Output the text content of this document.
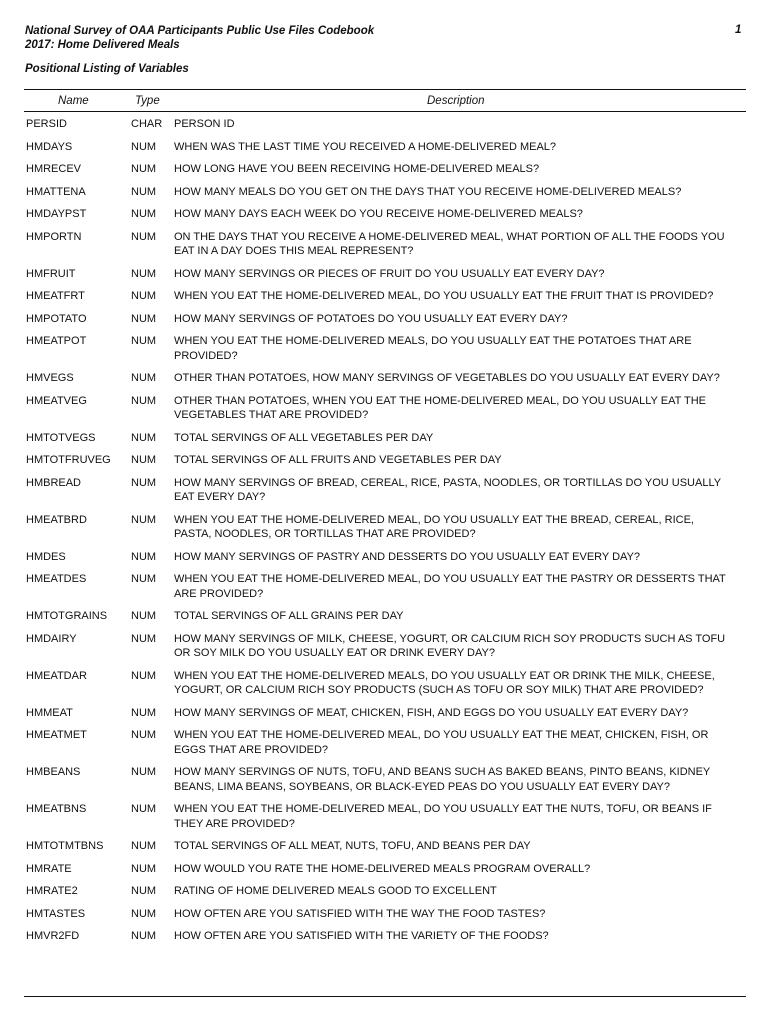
National Survey of OAA Participants Public Use Files Codebook
2017: Home Delivered Meals
1
Positional Listing of Variables
Name	Type	Description
PERSID	CHAR	PERSON ID
HMDAYS	NUM	WHEN WAS THE LAST TIME YOU RECEIVED A HOME-DELIVERED MEAL?
HMRECEV	NUM	HOW LONG HAVE YOU BEEN RECEIVING HOME-DELIVERED MEALS?
HMATTENA	NUM	HOW MANY MEALS DO YOU GET ON THE DAYS THAT YOU RECEIVE HOME-DELIVERED MEALS?
HMDAYPST	NUM	HOW MANY DAYS EACH WEEK DO YOU RECEIVE HOME-DELIVERED MEALS?
HMPORTN	NUM	ON THE DAYS THAT YOU RECEIVE A HOME-DELIVERED MEAL, WHAT PORTION OF ALL THE FOODS YOU EAT IN A DAY DOES THIS MEAL REPRESENT?
HMFRUIT	NUM	HOW MANY SERVINGS OR PIECES OF FRUIT DO YOU USUALLY EAT EVERY DAY?
HMEATFRT	NUM	WHEN YOU EAT THE HOME-DELIVERED MEAL, DO YOU USUALLY EAT THE FRUIT THAT IS PROVIDED?
HMPOTATO	NUM	HOW MANY SERVINGS OF POTATOES DO YOU USUALLY EAT EVERY DAY?
HMEATPOT	NUM	WHEN YOU EAT THE HOME-DELIVERED MEALS, DO YOU USUALLY EAT THE POTATOES THAT ARE PROVIDED?
HMVEGS	NUM	OTHER THAN POTATOES, HOW MANY SERVINGS OF VEGETABLES DO YOU USUALLY EAT EVERY DAY?
HMEATVEG	NUM	OTHER THAN POTATOES, WHEN YOU EAT THE HOME-DELIVERED MEAL, DO YOU USUALLY EAT THE VEGETABLES THAT ARE PROVIDED?
HMTOTVEGS	NUM	TOTAL SERVINGS OF ALL VEGETABLES PER DAY
HMTOTFRUVEG	NUM	TOTAL SERVINGS OF ALL FRUITS AND VEGETABLES PER DAY
HMBREAD	NUM	HOW MANY SERVINGS OF BREAD, CEREAL, RICE, PASTA, NOODLES, OR TORTILLAS DO YOU USUALLY EAT EVERY DAY?
HMEATBRD	NUM	WHEN YOU EAT THE HOME-DELIVERED MEAL, DO YOU USUALLY EAT THE BREAD, CEREAL, RICE, PASTA, NOODLES, OR TORTILLAS THAT ARE PROVIDED?
HMDES	NUM	HOW MANY SERVINGS OF PASTRY AND DESSERTS DO YOU USUALLY EAT EVERY DAY?
HMEATDES	NUM	WHEN YOU EAT THE HOME-DELIVERED MEAL, DO YOU USUALLY EAT THE PASTRY OR DESSERTS THAT ARE PROVIDED?
HMTOTGRAINS	NUM	TOTAL SERVINGS OF ALL GRAINS PER DAY
HMDAIRY	NUM	HOW MANY SERVINGS OF MILK, CHEESE, YOGURT, OR CALCIUM RICH SOY PRODUCTS SUCH AS TOFU OR SOY MILK DO YOU USUALLY EAT OR DRINK EVERY DAY?
HMEATDAR	NUM	WHEN YOU EAT THE HOME-DELIVERED MEALS, DO YOU USUALLY EAT OR DRINK THE MILK, CHEESE, YOGURT, OR CALCIUM RICH SOY PRODUCTS (SUCH AS TOFU OR SOY MILK) THAT ARE PROVIDED?
HMMEAT	NUM	HOW MANY SERVINGS OF MEAT, CHICKEN, FISH, AND EGGS DO YOU USUALLY EAT EVERY DAY?
HMEATMET	NUM	WHEN YOU EAT THE HOME-DELIVERED MEAL, DO YOU USUALLY EAT THE MEAT, CHICKEN, FISH, OR EGGS THAT ARE PROVIDED?
HMBEANS	NUM	HOW MANY SERVINGS OF NUTS, TOFU, AND BEANS SUCH AS BAKED BEANS, PINTO BEANS, KIDNEY BEANS, LIMA BEANS, SOYBEANS, OR BLACK-EYED PEAS DO YOU USUALLY EAT EVERY DAY?
HMEATBNS	NUM	WHEN YOU EAT THE HOME-DELIVERED MEAL, DO YOU USUALLY EAT THE NUTS, TOFU, OR BEANS IF THEY ARE PROVIDED?
HMTOTMTBNS	NUM	TOTAL SERVINGS OF ALL MEAT, NUTS, TOFU, AND BEANS PER DAY
HMRATE	NUM	HOW WOULD YOU RATE THE HOME-DELIVERED MEALS PROGRAM OVERALL?
HMRATE2	NUM	RATING OF HOME DELIVERED MEALS GOOD TO EXCELLENT
HMTASTES	NUM	HOW OFTEN ARE YOU SATISFIED WITH THE WAY THE FOOD TASTES?
HMVR2FD	NUM	HOW OFTEN ARE YOU SATISFIED WITH THE VARIETY OF THE FOODS?
